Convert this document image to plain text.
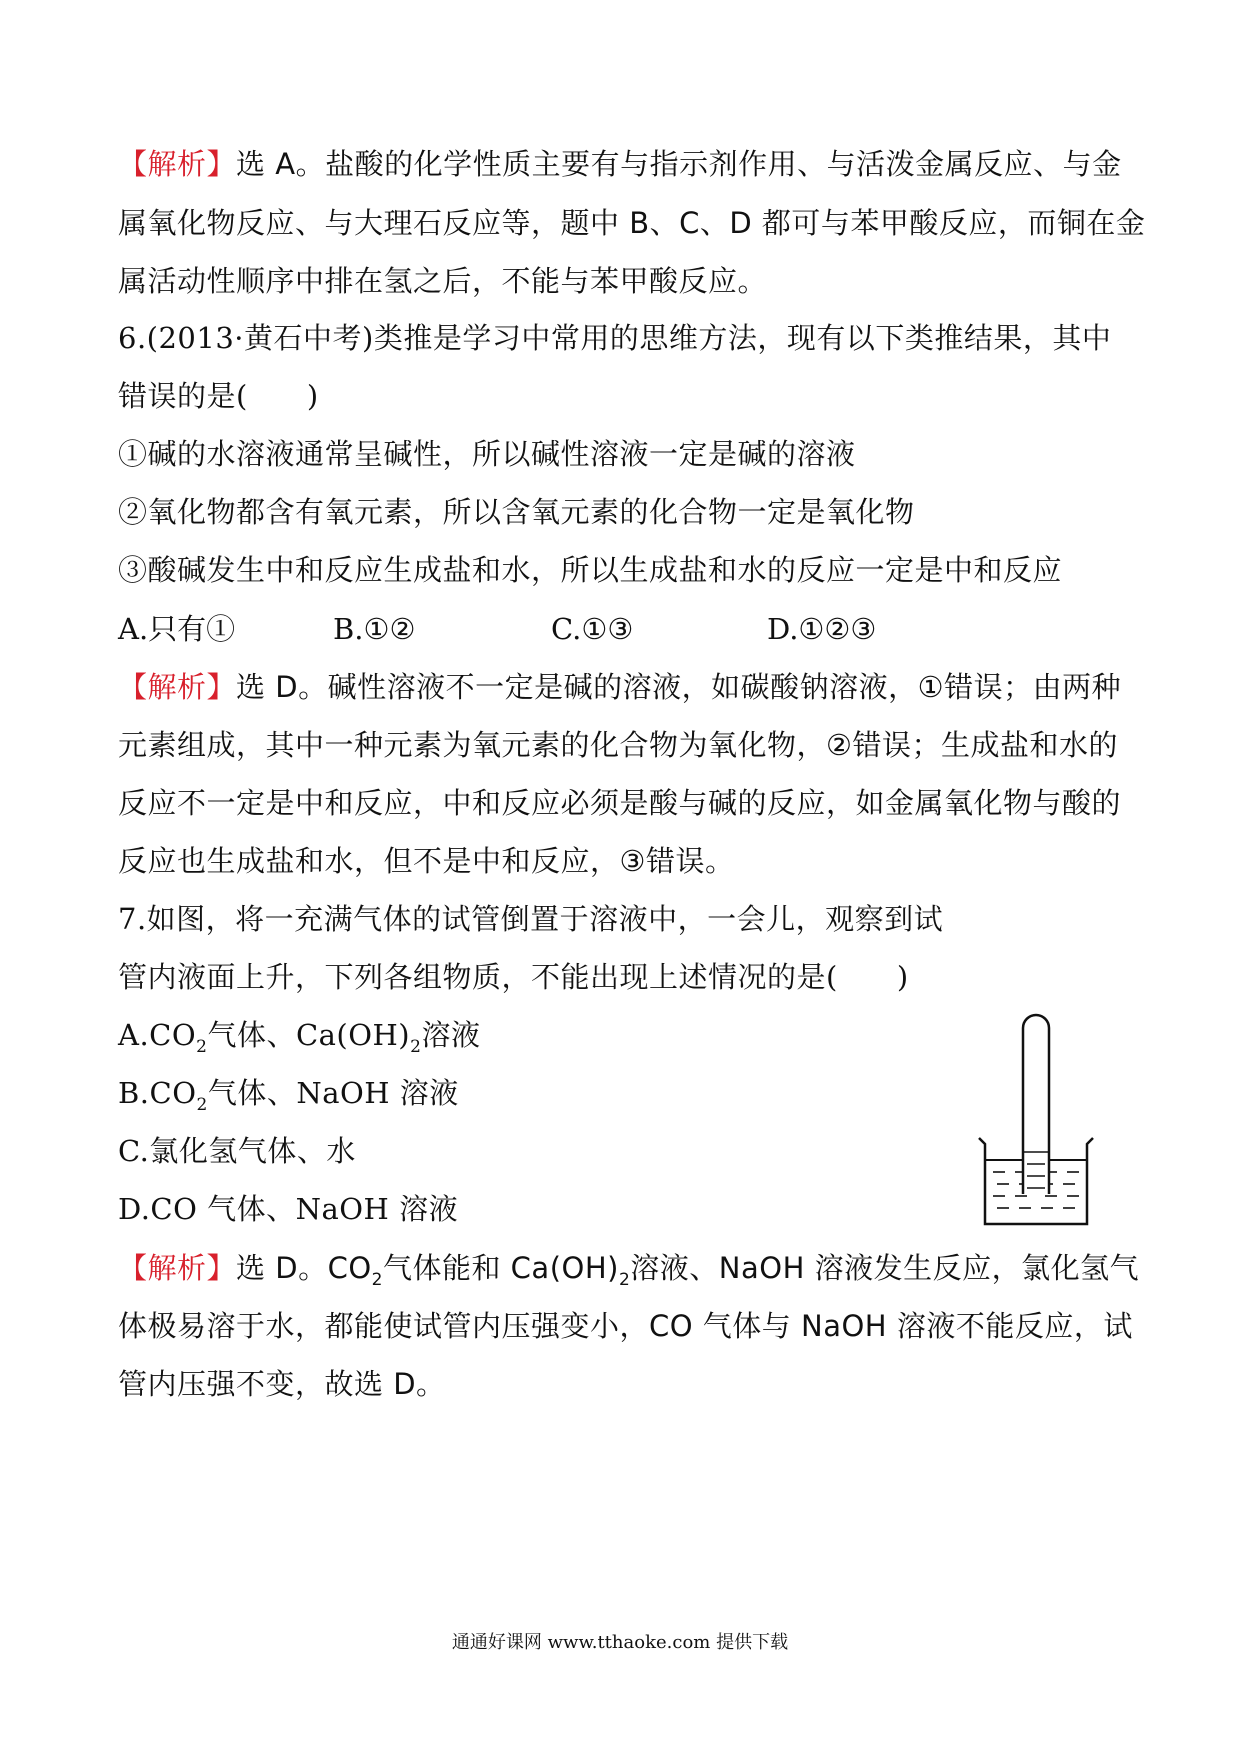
【解析】选 A。盐酸的化学性质主要有与指示剂作用、与活泼金属反应、与金
属氧化物反应、与大理石反应等，题中 B、C、D 都可与苯甲酸反应，而铜在金
属活动性顺序中排在氢之后，不能与苯甲酸反应。
6.(2013·黄石中考)类推是学习中常用的思维方法，现有以下类推结果，其中
错误的是(　　)
①碱的水溶液通常呈碱性，所以碱性溶液一定是碱的溶液
②氧化物都含有氧元素，所以含氧元素的化合物一定是氧化物
③酸碱发生中和反应生成盐和水，所以生成盐和水的反应一定是中和反应
A.只有①	B.①②	C.①③	D.①②③
【解析】选 D。碱性溶液不一定是碱的溶液，如碳酸钠溶液，①错误；由两种
元素组成，其中一种元素为氧元素的化合物为氧化物，②错误；生成盐和水的
反应不一定是中和反应，中和反应必须是酸与碱的反应，如金属氧化物与酸的
反应也生成盐和水，但不是中和反应，③错误。
7.如图，将一充满气体的试管倒置于溶液中，一会儿，观察到试
管内液面上升，下列各组物质，不能出现上述情况的是(　　)
$A.CO_2$气体、$Ca(OH)_2$溶液
$B.CO_2$气体、NaOH 溶液
C.氯化氢气体、水
D.CO 气体、NaOH 溶液
【解析】选 D。$CO_2$气体能和 $Ca(OH)_2$溶液、NaOH 溶液发生反应，氯化氢气
体极易溶于水，都能使试管内压强变小，CO 气体与 NaOH 溶液不能反应，试
管内压强不变，故选 D。
通通好课网 www.tthaoke.com 提供下载
